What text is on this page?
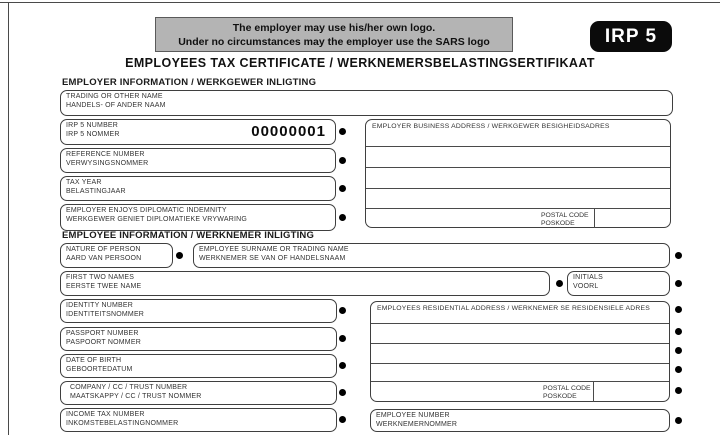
The employer may use his/her own logo.
Under no circumstances may the employer use the SARS logo	IRP 5
EMPLOYEES TAX CERTIFICATE / WERKNEMERSBELASTINGSERTIFIKAAT
EMPLOYER INFORMATION / WERKGEWER INLIGTING
TRADING OR OTHER NAME
HANDELS- OF ANDER NAAM
IRP 5 NUMBER
IRP 5 NOMMER	00000001
REFERENCE NUMBER
VERWYSINGSNOMMER
TAX YEAR
BELASTINGJAAR
EMPLOYER ENJOYS DIPLOMATIC INDEMNITY
WERKGEWER GENIET DIPLOMATIEKE VRYWARING
EMPLOYER BUSINESS ADDRESS / WERKGEWER BESIGHEIDSADRES
POSTAL CODE
POSKODE
EMPLOYEE INFORMATION / WERKNEMER INLIGTING
NATURE OF PERSON
AARD VAN PERSOON
EMPLOYEE SURNAME OR TRADING NAME
WERKNEMER SE VAN OF HANDELSNAAM
FIRST TWO NAMES
EERSTE TWEE NAME
INITIALS
VOORL
IDENTITY NUMBER
IDENTITEITSNOMMER
PASSPORT NUMBER
PASPOORT NOMMER
DATE OF BIRTH
GEBOORTEDATUM
COMPANY / CC / TRUST NUMBER
MAATSKAPPY / CC / TRUST NOMMER
INCOME TAX NUMBER
INKOMSTEBELASTINGNOMMER
EMPLOYEES RESIDENTIAL ADDRESS / WERKNEMER SE RESIDENSIELE ADRES
POSTAL CODE
POSKODE
EMPLOYEE NUMBER
WERKNEMERNOMMER
